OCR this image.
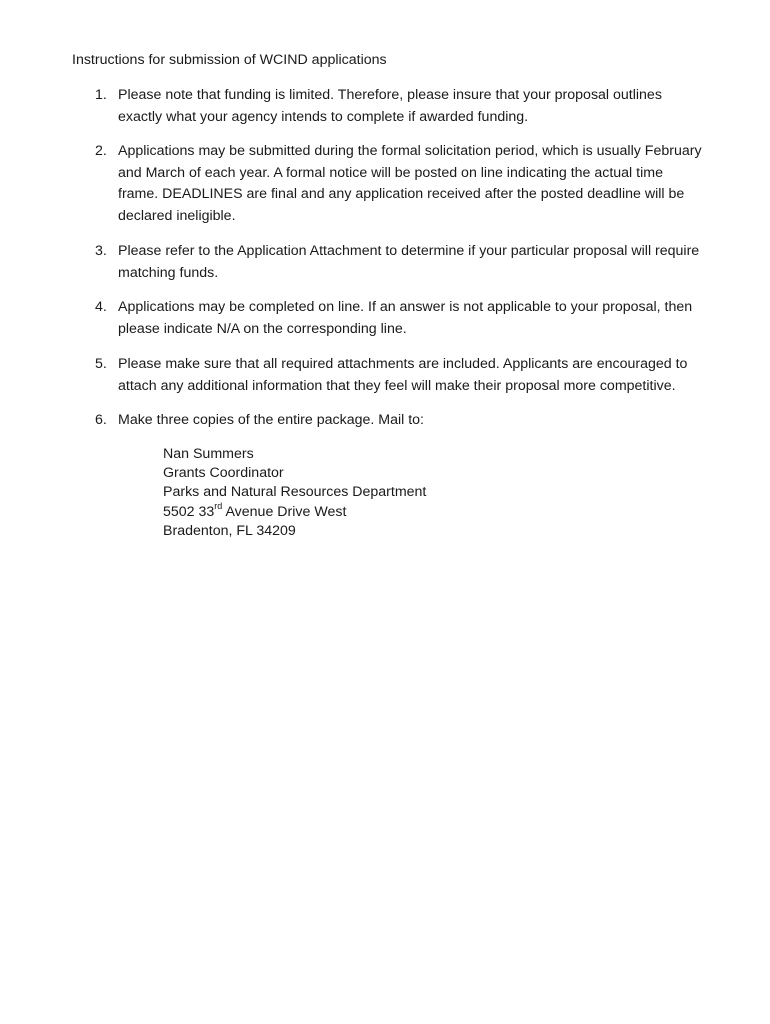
Instructions for submission of WCIND applications
1. Please note that funding is limited. Therefore, please insure that your proposal outlines exactly what your agency intends to complete if awarded funding.
2. Applications may be submitted during the formal solicitation period, which is usually February and March of each year. A formal notice will be posted on line indicating the actual time frame. DEADLINES are final and any application received after the posted deadline will be declared ineligible.
3. Please refer to the Application Attachment to determine if your particular proposal will require matching funds.
4. Applications may be completed on line. If an answer is not applicable to your proposal, then please indicate N/A on the corresponding line.
5. Please make sure that all required attachments are included. Applicants are encouraged to attach any additional information that they feel will make their proposal more competitive.
6. Make three copies of the entire package. Mail to:
Nan Summers
Grants Coordinator
Parks and Natural Resources Department
5502 33rd Avenue Drive West
Bradenton, FL 34209
